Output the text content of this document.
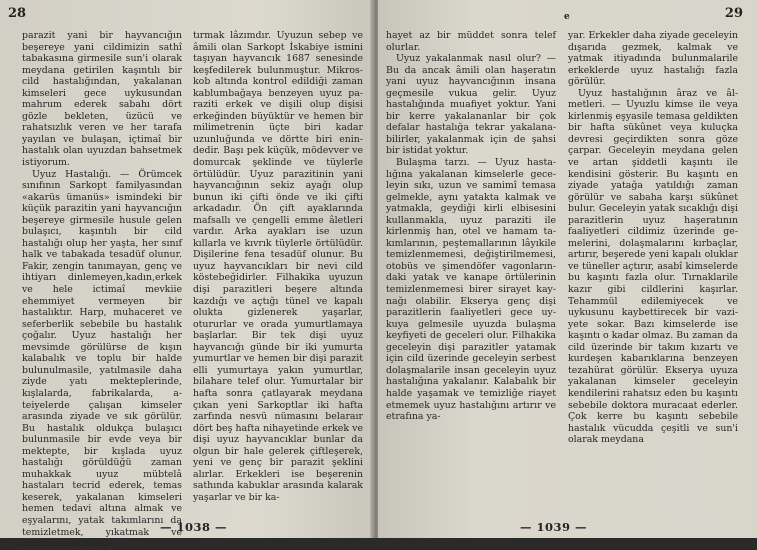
28

parazit yani bir hayvancığın beşereye yani cildimizin sathî tabakasına girmesile sun'i olarak meydana getirilen kaşıntılı bir cild hastalığından, yakalanan kimseleri gece uykusundan mahrum ederek sabahı dört gözle bekleten, üzücü ve rahatsızlık veren ve her tarafa yayılan ve bulaşan, içtimaî bir hastalık olan uyuzdan bahsetmek istiyorum.

Uyuz Hastalığı. — Örümcek sınıfının Sarkopt familyasından «akarüs ümanüs» ismindeki bir küçük parazitin yani hayvancığın beşereye girmesile husule gelen bulaşıcı, kaşıntılı bir cild hastalığı olup her yaşta, her sınıf halk ve tabakada tesadüf olunur. Fakir, zengin tanımayan, genç ve ihtiyarı dinlemeyen,kadın,erkek ve hele ictimaî mevkiie ehemmiyet vermeyen bir hastalıktır. Harp, muhaceret ve seferberlik sebebile bu hastalık çoğalır. Uyuz hastalığı her mevsimde görülürse de kışın kalabalık ve toplu bir halde bulunulmasile, yatılmasile daha ziyde yatı mekteplerinde, kışlalarda, fabrikalarda, ateiyelerde çalışan kimseler arasında ziyade ve sık görülür. Bu hastalık oldukça bulaşıcı bulunmasile bir evde veya bir mektepte, bir kışlada uyuz hastalığı görüldüğü zaman muhakkak uyuz mübtelâ hastaları tecrid ederek, temas keserek, yakalanan kimseleri hemen tedavi altına almak ve eşyalarını, yatak takımlarını da temizletmek, yıkatmak ve dezenfeksiyon yap-

tırmak lâzımdır. Uyuzun sebep ve âmili olan Sarkopt İskabiye ismini taşıyan hayvancık 1687 senesinde keşfedilerek bulunmuştur. Mikroskob altında kontrol edildiği zaman kablumbağaya benzeyen uyuz paraziti erkek ve dişili olup dişisi erkeğinden büyüktür ve hemen bir milimetrenin üçte biri kadar uzunluğunda ve dörtte biri enindedir. Başı pek küçük, mödevver ve domurcak şeklinde ve tüylerle örtülüdür. Uyuz parazitinin yani hayvancığının sekiz ayağı olup bunun iki çifti önde ve iki çifti arkadadır. Ön çift ayaklarında mafsallı ve çengelli emme âletleri vardır. Arka ayakları ise uzun kıllarla ve kıvrık tüylerle örtülüdür. Dişilerine fena tesadüf olunur. Bu uyuz hayvancıkları bir nevi cild köstebeğidirler. Filhakika uyuzun dişi parazitleri beşere altında kazdığı ve açtığı tünel ve kapalı olukta gizlenerek yaşarlar, otururlar ve orada yumurtlamaya başlarlar. Bir tek dişi uyuz hayvancığı günde bir iki yumurta yumurtlar ve hemen bir dişi parazit elli yumurtaya yakın yumurtlar, bilahare telef olur. Yumurtalar bir hafta sonra çatlayarak meydana çıkan yeni Sarkoptlar iki hafta zarfında nesvü nümasını belaraır dört beş hafta nihayetinde erkek ve dişi uyuz hayvancıklar bunlar da olgun bir hale gelerek çiftleşerek, yeni ve genç bir parazit şeklini alırlar. Erkekleri ise beşerenin sathında kabuklar arasında kalarak yaşarlar ve bir ka-

— 1038 —
e	29

hayet az bir müddet sonra telef olurlar.

Uyuz yakalanmak nasıl olur? — Bu da ancak âmili olan haşeratın yani uyuz hayvancığının insana geçmesile vukua gelir. Uyuz hastalığında muafiyet yoktur. Yani bir kerre yakalananlar bir çok defalar hastalığa tekrar yakalanabilirler, yakalanmak için de şahsi bir istidat yoktur.

Bulaşma tarzı. — Uyuz hastalığına yakalanan kimselerle geceleyin sıkı, uzun ve samimî temasa gelmekle, aynı yatakta kalmak ve yatmakla, geydiği kirli elbisesini kullanmakla, uyuz paraziti ile kirlenmiş han, otel ve hamam takımlarının, peştemallarının lâyıkile temizlenmemesi, değiştirilmemesi, otobüs ve şimendöfer vagonlarındaki yatak ve kanape örtülerinin temizlenmemesi birer sirayet kaynağı olabilir. Ekserya genç dişi parazitlerin faaliyetleri gece uykuya gelmesile uyuzda bulaşma keyfiyeti de geceleri olur. Filhakika geceleyin dişi parazitler yatamak için cild üzerinde geceleyin serbest dolaşmalarile insan geceleyin uyuz hastalığına yakalanır. Kalabalık bir halde yaşamak ve temizliğe riayet etmemek uyuz hastalığını artırır ve etrafına ya-

yar. Erkekler daha ziyade geceleyin dışarıda gezmek, kalmak ve yatmak itiyadında bulunmalarile erkeklerde uyuz hastalığı fazla görülür.

Uyuz hastalığının âraz ve âlmetleri. — Uyuzlu kimse ile veya kirlenmiş eşyasile temasa geldikten bir hafta sükûnet veya kuluçka devresi geçirdikten sonra göze çarpar. Geceleyin meydana gelen ve artan şiddetli kaşıntı ile kendisini gösterir. Bu kaşıntı en ziyade yatağa yatıldığı zaman görülür ve sabaha karşı sükûnet bulur. Geceleyin yatak sıcaklığı dişi parazitlerin uyuz haşeratının faaliyetleri cildimiz üzerinde gemelerini, dolaşmalarını kırbaçlar, artırır, beşerede yeni kapalı oluklar ve tüneller açtırır, asabî kimselerde bu kaşıntı fazla olur. Tırnaklarile kazır gibi cildlerini kaşırlar. Tehammül edilemiyecek ve uykusunu kaybettirecek bir vaziyete sokar. Bazı kimselerde ise kaşıntı o kadar olmaz. Bu zaman da cild üzerinde bir takım kızartı ve kurdeşen kabarıklarına benzeyen tezahürat görülür. Ekserya uyuza yakalanan kimseler geceleyin kendilerini rahatsız eden bu kaşıntı sebebile doktora muracaat ederler. Çok kerre bu kaşıntı sebebile hastalık vücudda çeşitli ve sun'i olarak meydana

— 1039 —
